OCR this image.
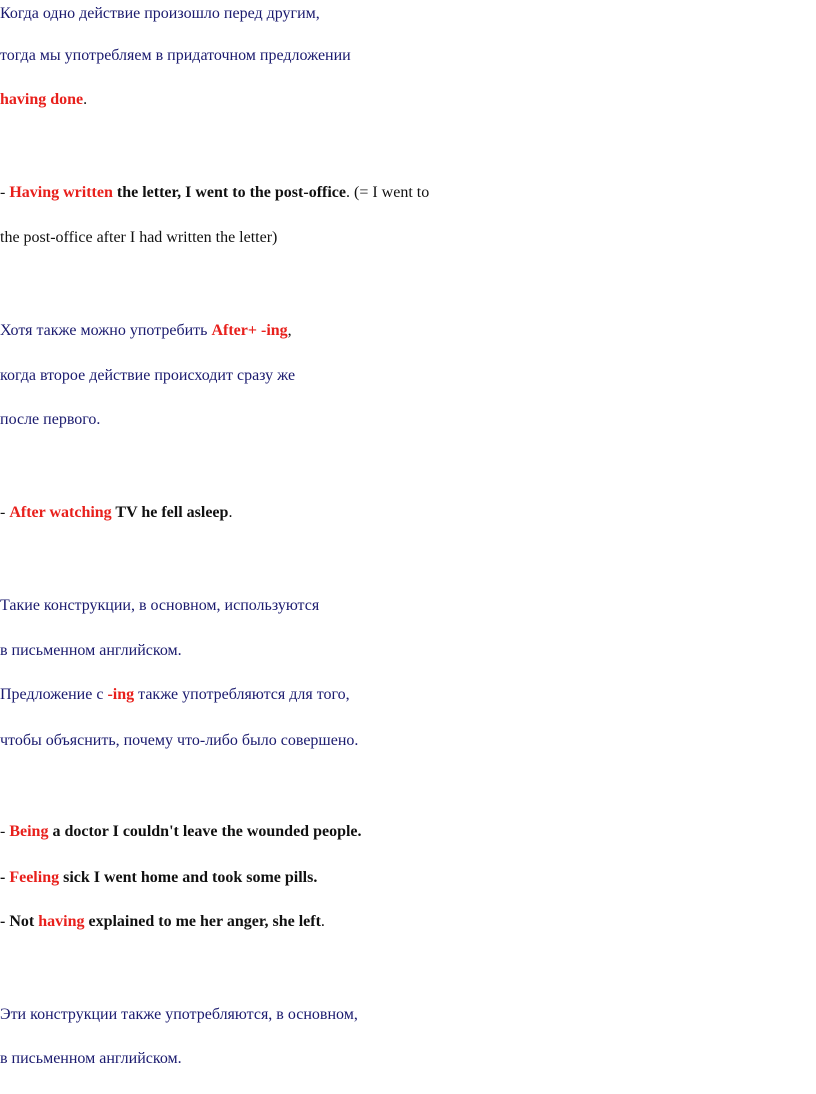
Когда одно действие произошло перед другим,
тогда мы употребляем в придаточном предложении
having done.
- Having written the letter, I went to the post-office. (= I went to
the post-office after I had written the letter)
Хотя также можно употребить After+ -ing,
когда второе действие происходит сразу же
после первого.
- After watching TV he fell asleep.
Такие конструкции, в основном, используются
в письменном английском.
Предложение с -ing также употребляются для того,
чтобы объяснить, почему что-либо было совершено.
- Being a doctor I couldn't leave the wounded people.
- Feeling sick I went home and took some pills.
- Not having explained to me her anger, she left.
Эти конструкции также употребляются, в основном,
в письменном английском.
